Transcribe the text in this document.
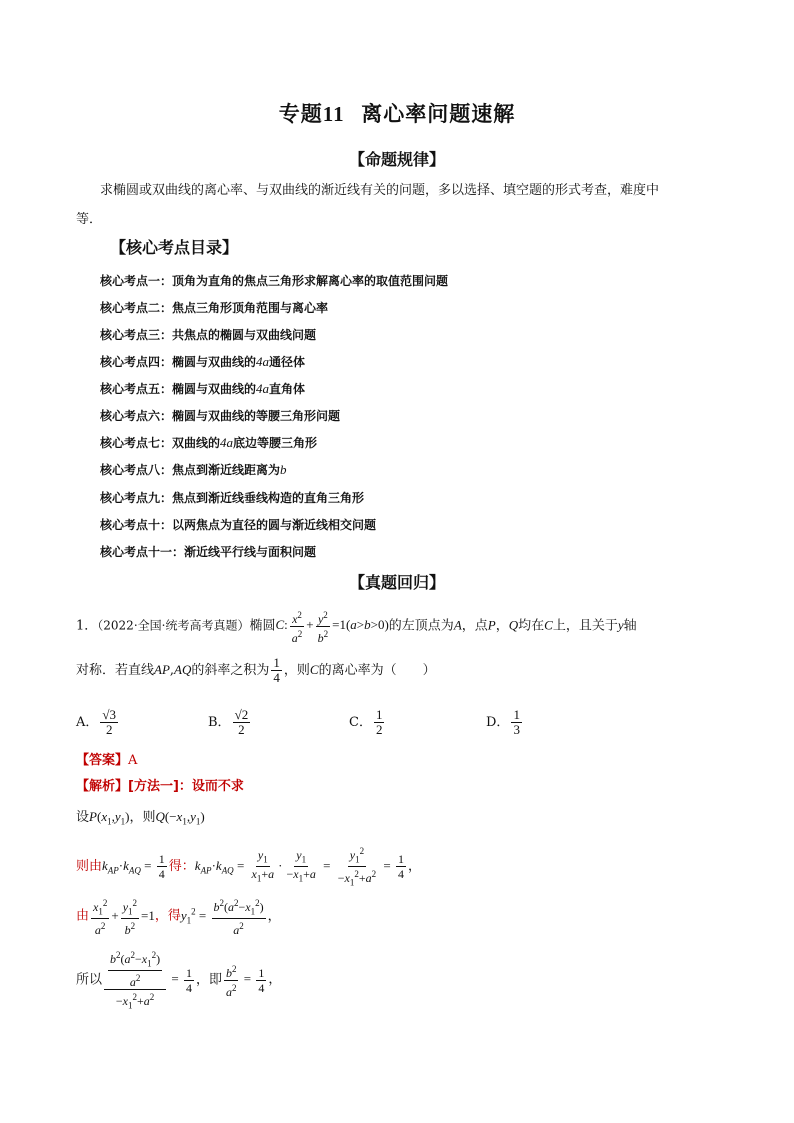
专题11 离心率问题速解
【命题规律】
求椭圆或双曲线的离心率、与双曲线的渐近线有关的问题，多以选择、填空题的形式考查，难度中
等．
【核心考点目录】
核心考点一：顶角为直角的焦点三角形求解离心率的取值范围问题
核心考点二：焦点三角形顶角范围与离心率
核心考点三：共焦点的椭圆与双曲线问题
核心考点四：椭圆与双曲线的4a通径体
核心考点五：椭圆与双曲线的4a直角体
核心考点六：椭圆与双曲线的等腰三角形问题
核心考点七：双曲线的4a底边等腰三角形
核心考点八：焦点到渐近线距离为b
核心考点九：焦点到渐近线垂线构造的直角三角形
核心考点十：以两焦点为直径的圆与渐近线相交问题
核心考点十一：渐近线平行线与面积问题
【真题回归】
1．（2022·全国·统考高考真题）椭圆C: $\frac{x^2}{a^2} + \frac{y^2}{b^2} =1(a>b>0)$的左顶点为A，点P，Q均在C上，且关于y轴
对称．若直线AP,AQ的斜率之积为 $\frac{1}{4}$ ，则C的离心率为（　　）
A． $\frac{√3}{2}$	B． $\frac{√2}{2}$	C． $\frac{1}{2}$	D． $\frac{1}{3}$
【答案】A
【解析】[方法一]：设而不求
设$P(x_1,y_1)$，则$Q(-x_1,y_1)$
则由$k_{AP}\cdot k_{AQ} = \frac{1}{4}$ 得：$k_{AP}\cdot k_{AQ} = \frac{y_1}{x_1+a} \cdot \frac{y_1}{-x_1+a} = \frac{y_1^2}{-x_1^2+a^2} = \frac{1}{4}$ ，
由 $\frac{x_1^2}{a^2} + \frac{y_1^2}{b^2} =1$，得$y_1^2 = \frac{b^2(a^2-x_1^2)}{a^2}$ ，
所以 $\frac{\frac{b^2(a^2-x_1^2)}{a^2}}{-x_1^2+a^2} = \frac{1}{4}$ ，即 $\frac{b^2}{a^2} = \frac{1}{4}$ ，
